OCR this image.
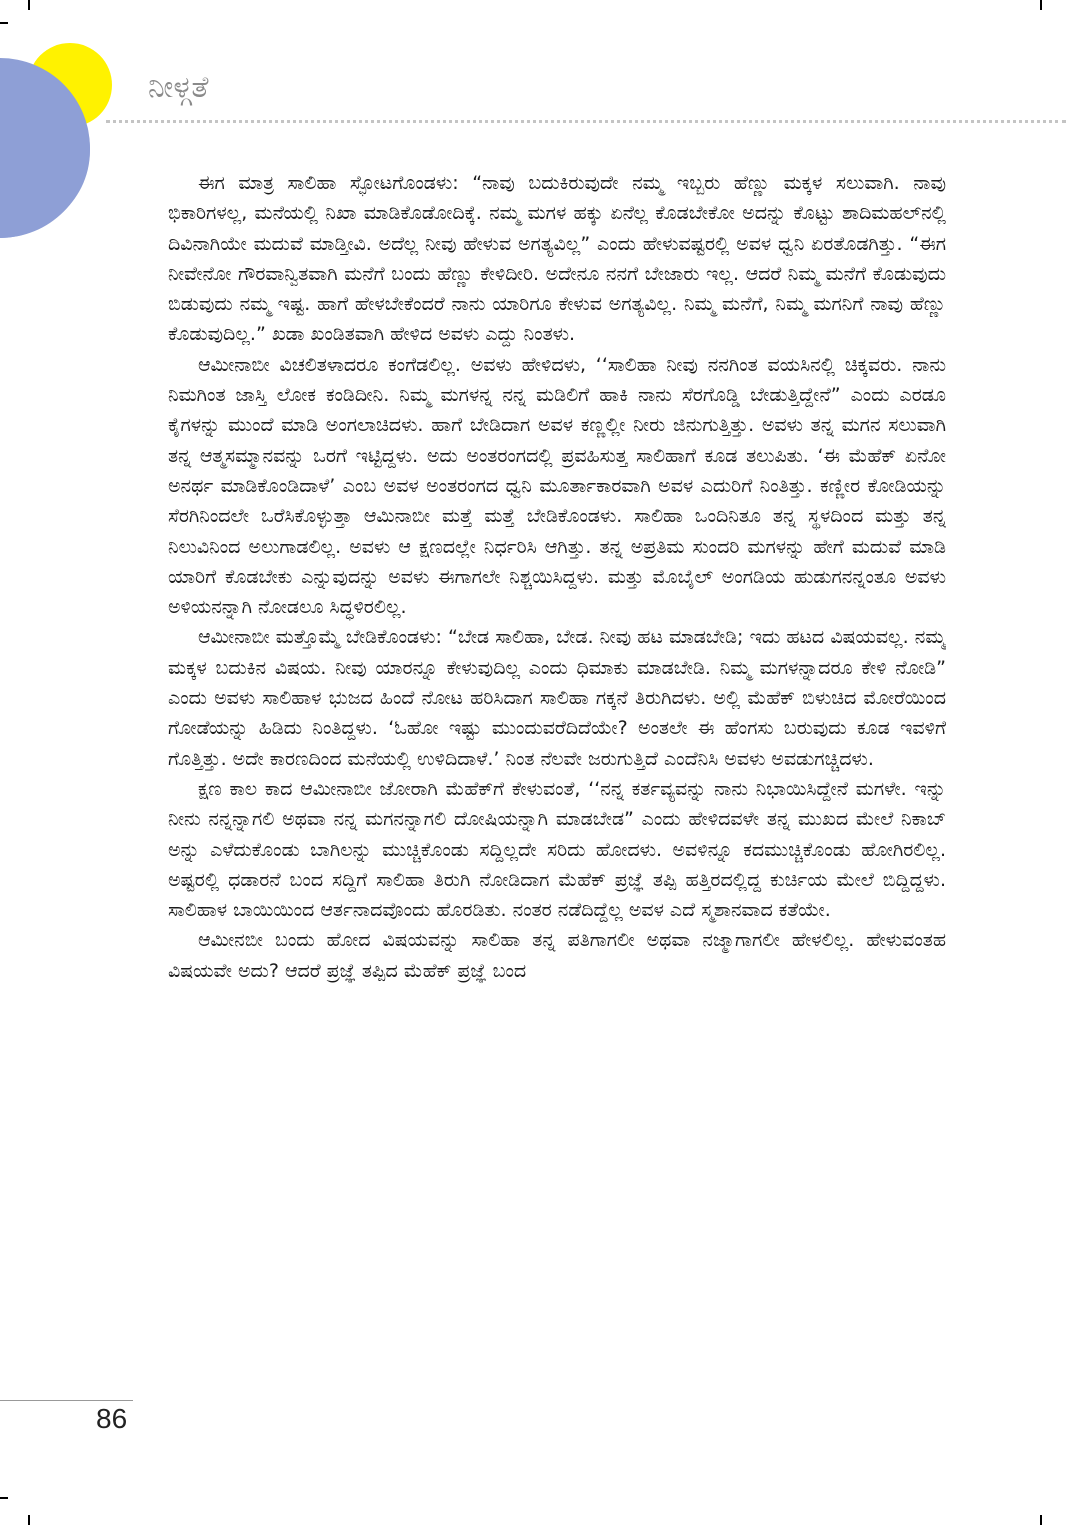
ನೀಳ್ಗತೆ

ಈಗ ಮಾತ್ರ ಸಾಲಿಹಾ ಸ್ಫೋಟಗೊಂಡಳು: “ನಾವು ಬದುಕಿರುವುದೇ ನಮ್ಮ ಇಬ್ಬರು ಹೆಣ್ಣು ಮಕ್ಕಳ ಸಲುವಾಗಿ. ನಾವು ಭಿಕಾರಿಗಳಲ್ಲ, ಮನೆಯಲ್ಲಿ ನಿಖಾ ಮಾಡಿಕೊಡೋದಿಕ್ಕೆ. ನಮ್ಮ ಮಗಳ ಹಕ್ಕು ಏನೆಲ್ಲ ಕೊಡಬೇಕೋ ಅದನ್ನು ಕೊಟ್ಟು ಶಾದಿಮಹಲ್‌ನಲ್ಲಿ ದಿವಿನಾಗಿಯೇ ಮದುವೆ ಮಾಡ್ತೀವಿ. ಅದೆಲ್ಲ ನೀವು ಹೇಳುವ ಅಗತ್ಯವಿಲ್ಲ” ಎಂದು ಹೇಳುವಷ್ಟರಲ್ಲಿ ಅವಳ ಧ್ವನಿ ಏರತೊಡಗಿತ್ತು. “ಈಗ ನೀವೇನೋ ಗೌರವಾನ್ವಿತವಾಗಿ ಮನೆಗೆ ಬಂದು ಹೆಣ್ಣು ಕೇಳಿದೀರಿ. ಅದೇನೂ ನನಗೆ ಬೇಜಾರು ಇಲ್ಲ. ಆದರೆ ನಿಮ್ಮ ಮನೆಗೆ ಕೊಡುವುದು ಬಿಡುವುದು ನಮ್ಮ ಇಷ್ಟ. ಹಾಗೆ ಹೇಳಬೇಕೆಂದರೆ ನಾನು ಯಾರಿಗೂ ಕೇಳುವ ಅಗತ್ಯವಿಲ್ಲ. ನಿಮ್ಮ ಮನೆಗೆ, ನಿಮ್ಮ ಮಗನಿಗೆ ನಾವು ಹೆಣ್ಣು ಕೊಡುವುದಿಲ್ಲ.” ಖಡಾ ಖಂಡಿತವಾಗಿ ಹೇಳಿದ ಅವಳು ಎದ್ದು ನಿಂತಳು.

ಆಮೀನಾಬೀ ವಿಚಲಿತಳಾದರೂ ಕಂಗೆಡಲಿಲ್ಲ. ಅವಳು ಹೇಳಿದಳು, ‘‘ಸಾಲಿಹಾ ನೀವು ನನಗಿಂತ ವಯಸಿನಲ್ಲಿ ಚಿಕ್ಕವರು. ನಾನು ನಿಮಗಿಂತ ಜಾಸ್ತಿ ಲೋಕ ಕಂಡಿದೀನಿ. ನಿಮ್ಮ ಮಗಳನ್ನ ನನ್ನ ಮಡಿಲಿಗೆ ಹಾಕಿ ನಾನು ಸೆರಗೊಡ್ಡಿ ಬೇಡುತ್ತಿದ್ದೇನೆ” ಎಂದು ಎರಡೂ ಕೈಗಳನ್ನು ಮುಂದೆ ಮಾಡಿ ಅಂಗಲಾಚಿದಳು. ಹಾಗೆ ಬೇಡಿದಾಗ ಅವಳ ಕಣ್ಣಲ್ಲೀ ನೀರು ಜಿನುಗುತ್ತಿತ್ತು. ಅವಳು ತನ್ನ ಮಗನ ಸಲುವಾಗಿ ತನ್ನ ಆತ್ಮಸಮ್ಮಾನವನ್ನು ಒರಗೆ ಇಟ್ಟಿದ್ದಳು. ಅದು ಅಂತರಂಗದಲ್ಲಿ ಪ್ರವಹಿಸುತ್ತ ಸಾಲಿಹಾಗೆ ಕೂಡ ತಲುಪಿತು. ‘ಈ ಮೆಹೆಕ್ ಏನೋ ಅನರ್ಥ ಮಾಡಿಕೊಂಡಿದಾಳೆ’ ಎಂಬ ಅವಳ ಅಂತರಂಗದ ಧ್ವನಿ ಮೂರ್ತಾಕಾರವಾಗಿ ಅವಳ ಎದುರಿಗೆ ನಿಂತಿತ್ತು. ಕಣ್ಣೀರ ಕೋಡಿಯನ್ನು ಸೆರಗಿನಿಂದಲೇ ಒರೆಸಿಕೊಳ್ಳುತ್ತಾ ಆಮಿನಾಬೀ ಮತ್ತೆ ಮತ್ತೆ ಬೇಡಿಕೊಂಡಳು. ಸಾಲಿಹಾ ಒಂದಿನಿತೂ ತನ್ನ ಸ್ಥಳದಿಂದ ಮತ್ತು ತನ್ನ ನಿಲುವಿನಿಂದ ಅಲುಗಾಡಲಿಲ್ಲ. ಅವಳು ಆ ಕ್ಷಣದಲ್ಲೇ ನಿರ್ಧರಿಸಿ ಆಗಿತ್ತು. ತನ್ನ ಅಪ್ರತಿಮ ಸುಂದರಿ ಮಗಳನ್ನು ಹೇಗೆ ಮದುವೆ ಮಾಡಿ ಯಾರಿಗೆ ಕೊಡಬೇಕು ಎನ್ನುವುದನ್ನು ಅವಳು ಈಗಾಗಲೇ ನಿಶ್ಚಯಿಸಿದ್ದಳು. ಮತ್ತು ಮೊಬೈಲ್ ಅಂಗಡಿಯ ಹುಡುಗನನ್ನಂತೂ ಅವಳು ಅಳಿಯನನ್ನಾಗಿ ನೋಡಲೂ ಸಿದ್ಧಳಿರಲಿಲ್ಲ.

ಆಮೀನಾಬೀ ಮತ್ತೊಮ್ಮೆ ಬೇಡಿಕೊಂಡಳು: “ಬೇಡ ಸಾಲಿಹಾ, ಬೇಡ. ನೀವು ಹಟ ಮಾಡಬೇಡಿ; ಇದು ಹಟದ ವಿಷಯವಲ್ಲ. ನಮ್ಮ ಮಕ್ಕಳ ಬದುಕಿನ ವಿಷಯ. ನೀವು ಯಾರನ್ನೂ ಕೇಳುವುದಿಲ್ಲ ಎಂದು ಧಿಮಾಕು ಮಾಡಬೇಡಿ. ನಿಮ್ಮ ಮಗಳನ್ನಾದರೂ ಕೇಳಿ ನೋಡಿ” ಎಂದು ಅವಳು ಸಾಲಿಹಾಳ ಭುಜದ ಹಿಂದೆ ನೋಟ ಹರಿಸಿದಾಗ ಸಾಲಿಹಾ ಗಕ್ಕನೆ ತಿರುಗಿದಳು. ಅಲ್ಲಿ ಮೆಹೆಕ್ ಬಿಳುಚಿದ ಮೋರೆಯಿಂದ ಗೋಡೆಯನ್ನು ಹಿಡಿದು ನಿಂತಿದ್ದಳು. ‘ಓಹೋ ಇಷ್ಟು ಮುಂದುವರೆದಿದೆಯೇ? ಅಂತಲೇ ಈ ಹೆಂಗಸು ಬರುವುದು ಕೂಡ ಇವಳಿಗೆ ಗೊತ್ತಿತ್ತು. ಅದೇ ಕಾರಣದಿಂದ ಮನೆಯಲ್ಲಿ ಉಳಿದಿದಾಳೆ.’ ನಿಂತ ನೆಲವೇ ಜರುಗುತ್ತಿದೆ ಎಂದೆನಿಸಿ ಅವಳು ಅವಡುಗಚ್ಚಿದಳು.

ಕ್ಷಣ ಕಾಲ ಕಾದ ಆಮೀನಾಬೀ ಜೋರಾಗಿ ಮೆಹೆಕ್‌ಗೆ ಕೇಳುವಂತೆ, ‘‘ನನ್ನ ಕರ್ತವ್ಯವನ್ನು ನಾನು ನಿಭಾಯಿಸಿದ್ದೇನೆ ಮಗಳೇ. ಇನ್ನು ನೀನು ನನ್ನನ್ನಾಗಲಿ ಅಥವಾ ನನ್ನ ಮಗನನ್ನಾಗಲಿ ದೋಷಿಯನ್ನಾಗಿ ಮಾಡಬೇಡ” ಎಂದು ಹೇಳಿದವಳೇ ತನ್ನ ಮುಖದ ಮೇಲೆ ನಿಕಾಬ್ ಅನ್ನು ಎಳೆದುಕೊಂಡು ಬಾಗಿಲನ್ನು ಮುಚ್ಚಿಕೊಂಡು ಸದ್ದಿಲ್ಲದೇ ಸರಿದು ಹೋದಳು. ಅವಳಿನ್ನೂ ಕದಮುಚ್ಚಿಕೊಂಡು ಹೋಗಿರಲಿಲ್ಲ. ಅಷ್ಟರಲ್ಲಿ ಧಡಾರನೆ ಬಂದ ಸದ್ದಿಗೆ ಸಾಲಿಹಾ ತಿರುಗಿ ನೋಡಿದಾಗ ಮೆಹೆಕ್ ಪ್ರಜ್ಞೆ ತಪ್ಪಿ ಹತ್ತಿರದಲ್ಲಿದ್ದ ಕುರ್ಚಿಯ ಮೇಲೆ ಬಿದ್ದಿದ್ದಳು. ಸಾಲಿಹಾಳ ಬಾಯಿಯಿಂದ ಆರ್ತನಾದವೊಂದು ಹೊರಡಿತು. ನಂತರ ನಡೆದಿದ್ದೆಲ್ಲ ಅವಳ ಎದೆ ಸ್ಮಶಾನವಾದ ಕತೆಯೇ.

ಆಮೀನಬೀ ಬಂದು ಹೋದ ವಿಷಯವನ್ನು ಸಾಲಿಹಾ ತನ್ನ ಪತಿಗಾಗಲೀ ಅಥವಾ ನಜ್ಮಾಗಾಗಲೀ ಹೇಳಲಿಲ್ಲ. ಹೇಳುವಂತಹ ವಿಷಯವೇ ಅದು? ಆದರೆ ಪ್ರಜ್ಞೆ ತಪ್ಪಿದ ಮೆಹೆಕ್ ಪ್ರಜ್ಞೆ ಬಂದ

86
